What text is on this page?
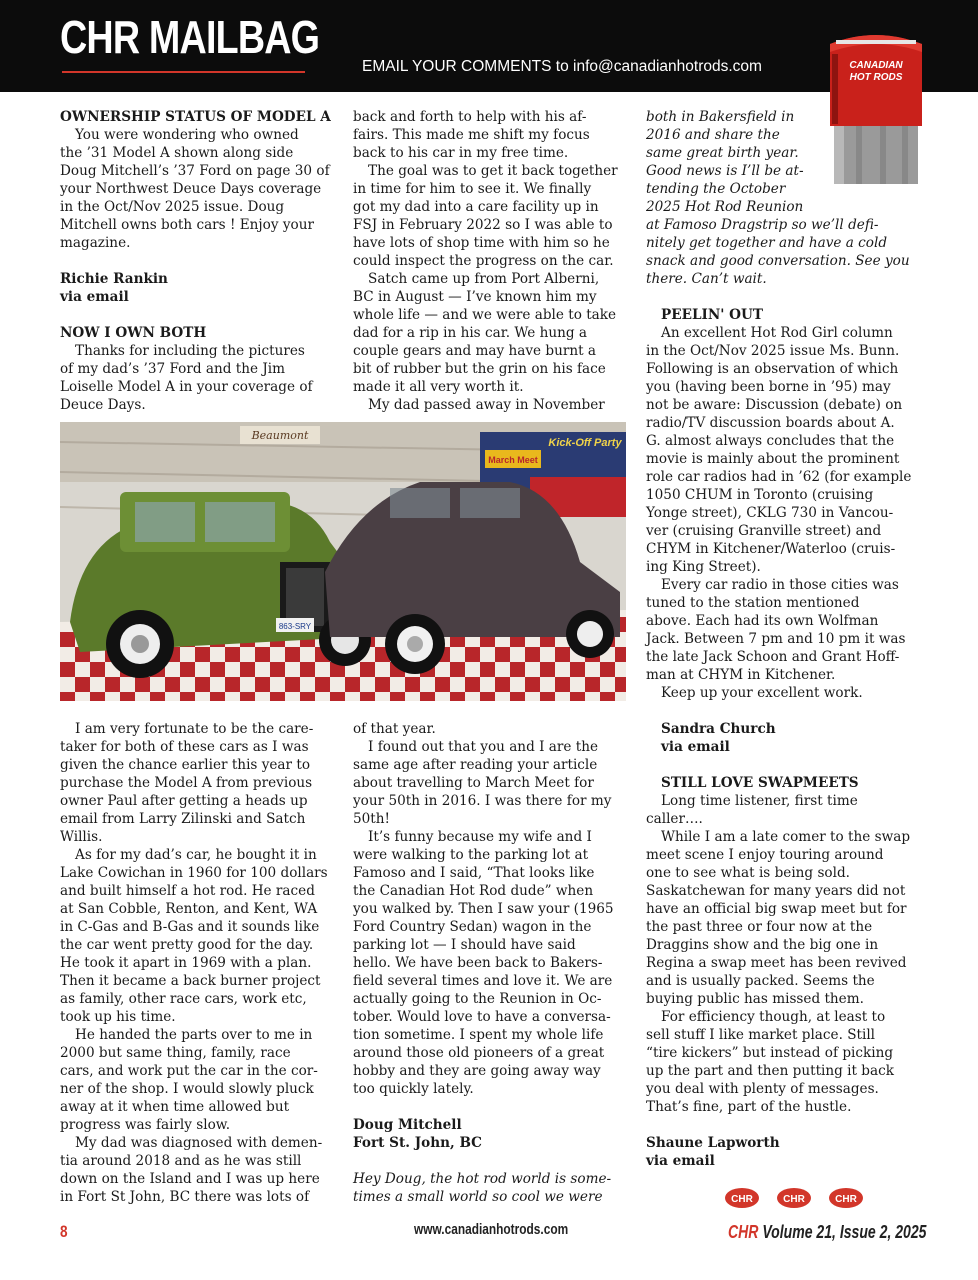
CHR MAILBAG
EMAIL YOUR COMMENTS to info@canadianhotrods.com	CANADIAN
HOT RODS

OWNERSHIP STATUS OF MODEL A

You were wondering who owned

the ’31 Model A shown along side

Doug Mitchell’s ’37 Ford on page 30 of

your Northwest Deuce Days coverage

in the Oct/Nov 2025 issue. Doug

Mitchell owns both cars ! Enjoy your

magazine.

Richie Rankin

via email

NOW I OWN BOTH

Thanks for including the pictures

of my dad’s ’37 Ford and the Jim

Loiselle Model A in your coverage of

Deuce Days.

back and forth to help with his af-

fairs. This made me shift my focus

back to his car in my free time.

The goal was to get it back together

in time for him to see it. We finally

got my dad into a care facility up in

FSJ in February 2022 so I was able to

have lots of shop time with him so he

could inspect the progress on the car.

Satch came up from Port Alberni,

BC in August — I’ve known him my

whole life — and we were able to take

dad for a rip in his car. We hung a

couple gears and may have burnt a

bit of rubber but the grin on his face

made it all very worth it.

My dad passed away in November

both in Bakersfield in

2016 and share the

same great birth year.

Good news is I’ll be at-

tending the October

2025 Hot Rod Reunion

at Famoso Dragstrip so we’ll defi-

nitely get together and have a cold

snack and good conversation. See you

there. Can’t wait.

PEELIN' OUT

An excellent Hot Rod Girl column

in the Oct/Nov 2025 issue Ms. Bunn.

Following is an observation of which

you (having been borne in ’95) may

not be aware: Discussion (debate) on

radio/TV discussion boards about A.

G. almost always concludes that the

movie is mainly about the prominent

role car radios had in ’62 (for example

1050 CHUM in Toronto (cruising

Yonge street), CKLG 730 in Vancou-

ver (cruising Granville street) and

CHYM in Kitchener/Waterloo (cruis-

ing King Street).

Every car radio in those cities was

tuned to the station mentioned

above. Each had its own Wolfman

Jack. Between 7 pm and 10 pm it was

the late Jack Schoon and Grant Hoff-

man at CHYM in Kitchener.

Keep up your excellent work.

Sandra Church

via email

STILL LOVE SWAPMEETS

Long time listener, first time

caller….

While I am a late comer to the swap

meet scene I enjoy touring around

one to see what is being sold.

Saskatchewan for many years did not

have an official big swap meet but for

the past three or four now at the

Draggins show and the big one in

Regina a swap meet has been revived

and is usually packed. Seems the

buying public has missed them.

For efficiency though, at least to

sell stuff I like market place. Still

“tire kickers” but instead of picking

up the part and then putting it back

you deal with plenty of messages.

That’s fine, part of the hustle.

Shaune Lapworth

via email

Beaumont
March Meet
Kick-Off Party
863-SRY

I am very fortunate to be the care-

taker for both of these cars as I was

given the chance earlier this year to

purchase the Model A from previous

owner Paul after getting a heads up

email from Larry Zilinski and Satch

Willis.

As for my dad’s car, he bought it in

Lake Cowichan in 1960 for 100 dollars

and built himself a hot rod. He raced

at San Cobble, Renton, and Kent, WA

in C-Gas and B-Gas and it sounds like

the car went pretty good for the day.

He took it apart in 1969 with a plan.

Then it became a back burner project

as family, other race cars, work etc,

took up his time.

He handed the parts over to me in

2000 but same thing, family, race

cars, and work put the car in the cor-

ner of the shop. I would slowly pluck

away at it when time allowed but

progress was fairly slow.

My dad was diagnosed with demen-

tia around 2018 and as he was still

down on the Island and I was up here

in Fort St John, BC there was lots of

of that year.

I found out that you and I are the

same age after reading your article

about travelling to March Meet for

your 50th in 2016. I was there for my

50th!

It’s funny because my wife and I

were walking to the parking lot at

Famoso and I said, “That looks like

the Canadian Hot Rod dude” when

you walked by. Then I saw your (1965

Ford Country Sedan) wagon in the

parking lot — I should have said

hello. We have been back to Bakers-

field several times and love it. We are

actually going to the Reunion in Oc-

tober. Would love to have a conversa-

tion sometime. I spent my whole life

around those old pioneers of a great

hobby and they are going away way

too quickly lately.

Doug Mitchell

Fort St. John, BC

Hey Doug, the hot rod world is some-

times a small world so cool we were	CHR	CHR	CHR
8	www.canadianhotrods.com	CHR Volume 21, Issue 2, 2025
